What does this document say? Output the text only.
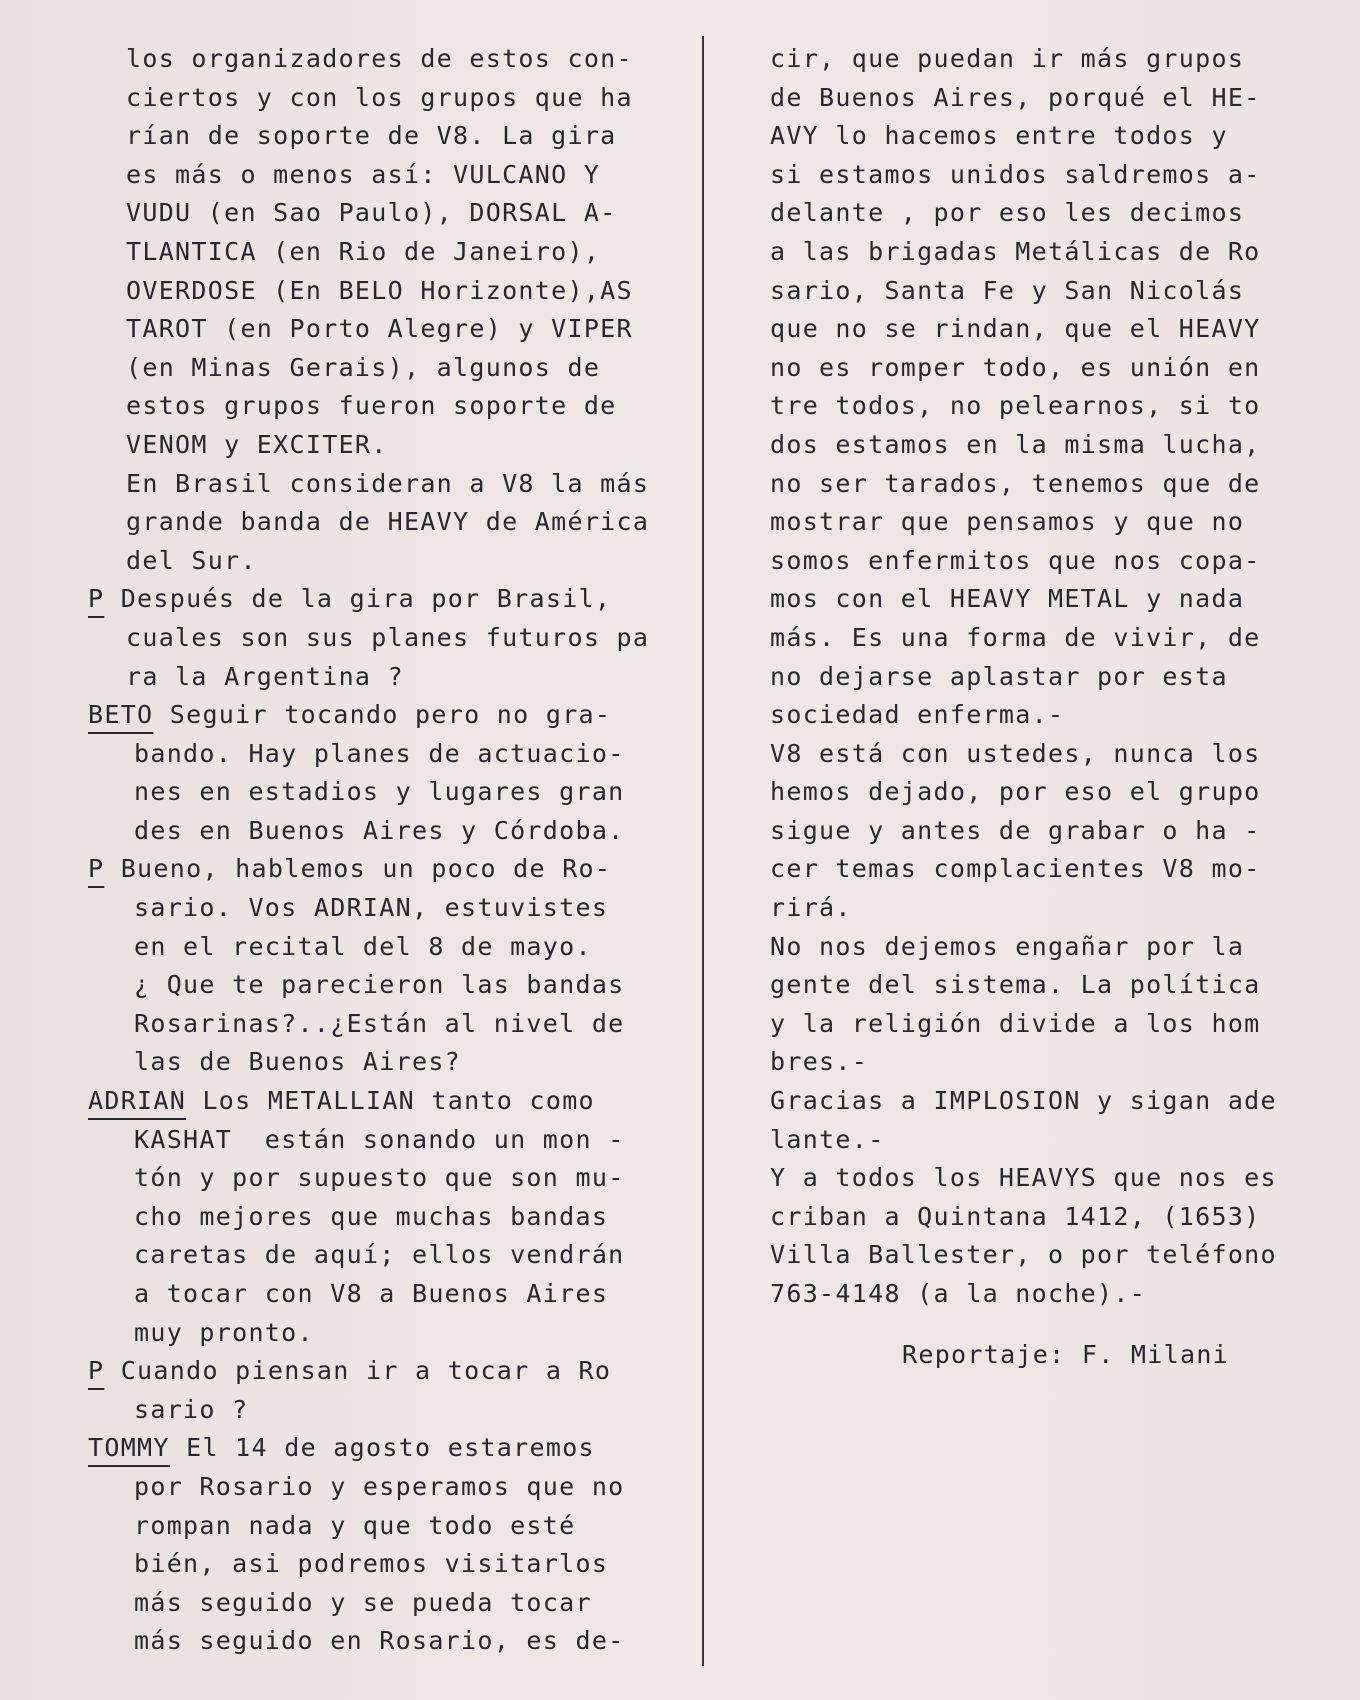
los organizadores de estos con-
ciertos y con los grupos que ha
rían de soporte de V8. La gira
es más o menos así: VULCANO Y
VUDU (en Sao Paulo), DORSAL A-
TLANTICA (en Rio de Janeiro),
OVERDOSE (En BELO Horizonte),AS
TAROT (en Porto Alegre) y VIPER
(en Minas Gerais), algunos de
estos grupos fueron soporte de
VENOM y EXCITER.
En Brasil consideran a V8 la más
grande banda de HEAVY de América
del Sur.
P Después de la gira por Brasil,
cuales son sus planes futuros pa
ra la Argentina ?
BETO Seguir tocando pero no gra-
bando. Hay planes de actuacio-
nes en estadios y lugares gran
des en Buenos Aires y Córdoba.
P Bueno, hablemos un poco de Ro-
sario. Vos ADRIAN, estuvistes
en el recital del 8 de mayo.
¿ Que te parecieron las bandas
Rosarinas?..¿Están al nivel de
las de Buenos Aires?
ADRIAN Los METALLIAN tanto como
KASHAT  están sonando un mon -
tón y por supuesto que son mu-
cho mejores que muchas bandas
caretas de aquí; ellos vendrán
a tocar con V8 a Buenos Aires
muy pronto.
P Cuando piensan ir a tocar a Ro
sario ?
TOMMY El 14 de agosto estaremos
por Rosario y esperamos que no
rompan nada y que todo esté
bién, asi podremos visitarlos
más seguido y se pueda tocar
más seguido en Rosario, es de-
cir, que puedan ir más grupos
de Buenos Aires, porqué el HE-
AVY lo hacemos entre todos y
si estamos unidos saldremos a-
delante , por eso les decimos
a las brigadas Metálicas de Ro
sario, Santa Fe y San Nicolás
que no se rindan, que el HEAVY
no es romper todo, es unión en
tre todos, no pelearnos, si to
dos estamos en la misma lucha,
no ser tarados, tenemos que de
mostrar que pensamos y que no
somos enfermitos que nos copa-
mos con el HEAVY METAL y nada
más. Es una forma de vivir, de
no dejarse aplastar por esta
sociedad enferma.-
V8 está con ustedes, nunca los
hemos dejado, por eso el grupo
sigue y antes de grabar o ha -
cer temas complacientes V8 mo-
rirá.
No nos dejemos engañar por la
gente del sistema. La política
y la religión divide a los hom
bres.-
Gracias a IMPLOSION y sigan ade
lante.-
Y a todos los HEAVYS que nos es
criban a Quintana 1412, (1653)
Villa Ballester, o por teléfono
763-4148 (a la noche).-
Reportaje: F. Milani
